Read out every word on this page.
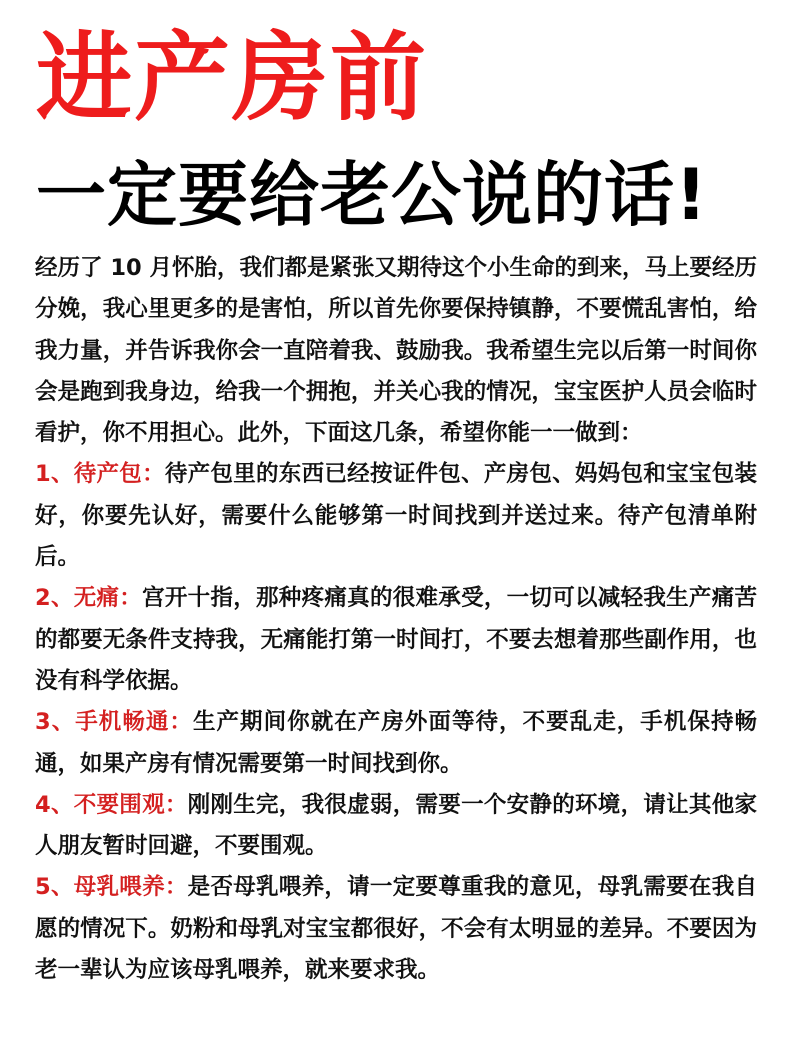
进产房前
一定要给老公说的话!

经历了 10 月怀胎，我们都是紧张又期待这个小生命的到来，马上要经历分娩，我心里更多的是害怕，所以首先你要保持镇静，不要慌乱害怕，给我力量，并告诉我你会一直陪着我、鼓励我。我希望生完以后第一时间你会是跑到我身边，给我一个拥抱，并关心我的情况，宝宝医护人员会临时看护，你不用担心。此外，下面这几条，希望你能一一做到：

1、待产包：待产包里的东西已经按证件包、产房包、妈妈包和宝宝包装好，你要先认好，需要什么能够第一时间找到并送过来。待产包清单附后。

2、无痛：宫开十指，那种疼痛真的很难承受，一切可以减轻我生产痛苦的都要无条件支持我，无痛能打第一时间打，不要去想着那些副作用，也没有科学依据。

3、手机畅通：生产期间你就在产房外面等待，不要乱走，手机保持畅通，如果产房有情况需要第一时间找到你。

4、不要围观：刚刚生完，我很虚弱，需要一个安静的环境，请让其他家人朋友暂时回避，不要围观。

5、母乳喂养：是否母乳喂养，请一定要尊重我的意见，母乳需要在我自愿的情况下。奶粉和母乳对宝宝都很好，不会有太明显的差异。不要因为老一辈认为应该母乳喂养，就来要求我。
